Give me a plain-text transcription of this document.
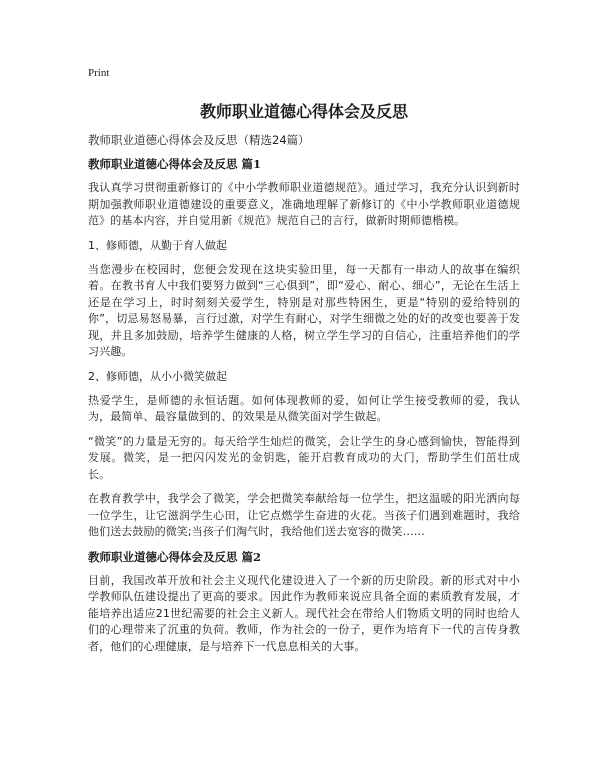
Print
教师职业道德心得体会及反思
教师职业道德心得体会及反思（精选24篇）
教师职业道德心得体会及反思 篇1

我认真学习贯彻重新修订的《中小学教师职业道德规范》。通过学习，我充分认识到新时期加强教师职业道德建设的重要意义，准确地理解了新修订的《中小学教师职业道德规范》的基本内容，并自觉用新《规范》规范自己的言行，做新时期师德楷模。

1、修师德，从勤于育人做起

当您漫步在校园时，您便会发现在这块实验田里，每一天都有一串动人的故事在编织着。在教书育人中我们要努力做到“三心俱到”，即“爱心、耐心、细心”，无论在生活上还是在学习上，时时刻刻关爱学生，特别是对那些特困生，更是“特别的爱给特别的你”，切忌易怒易暴，言行过激，对学生有耐心，对学生细微之处的好的改变也要善于发现，并且多加鼓励，培养学生健康的人格，树立学生学习的自信心，注重培养他们的学习兴趣。

2、修师德，从小小微笑做起

热爱学生，是师德的永恒话题。如何体现教师的爱，如何让学生接受教师的爱，我认为，最简单、最容量做到的、的效果是从微笑面对学生做起。

“微笑”的力量是无穷的。每天给学生灿烂的微笑，会让学生的身心感到愉快，智能得到发展。微笑，是一把闪闪发光的金钥匙，能开启教育成功的大门，帮助学生们茁壮成长。

在教育教学中，我学会了微笑，学会把微笑奉献给每一位学生，把这温暖的阳光洒向每一位学生，让它滋润学生心田，让它点燃学生奋进的火花。当孩子们遇到难题时，我给他们送去鼓励的微笑;当孩子们淘气时，我给他们送去宽容的微笑……

教师职业道德心得体会及反思 篇2

目前，我国改革开放和社会主义现代化建设进入了一个新的历史阶段。新的形式对中小学教师队伍建设提出了更高的要求。因此作为教师来说应具备全面的素质教育发展，才能培养出适应21世纪需要的社会主义新人。现代社会在带给人们物质文明的同时也给人们的心理带来了沉重的负荷。教师，作为社会的一份子，更作为培育下一代的言传身教者，他们的心理健康，是与培养下一代息息相关的大事。
